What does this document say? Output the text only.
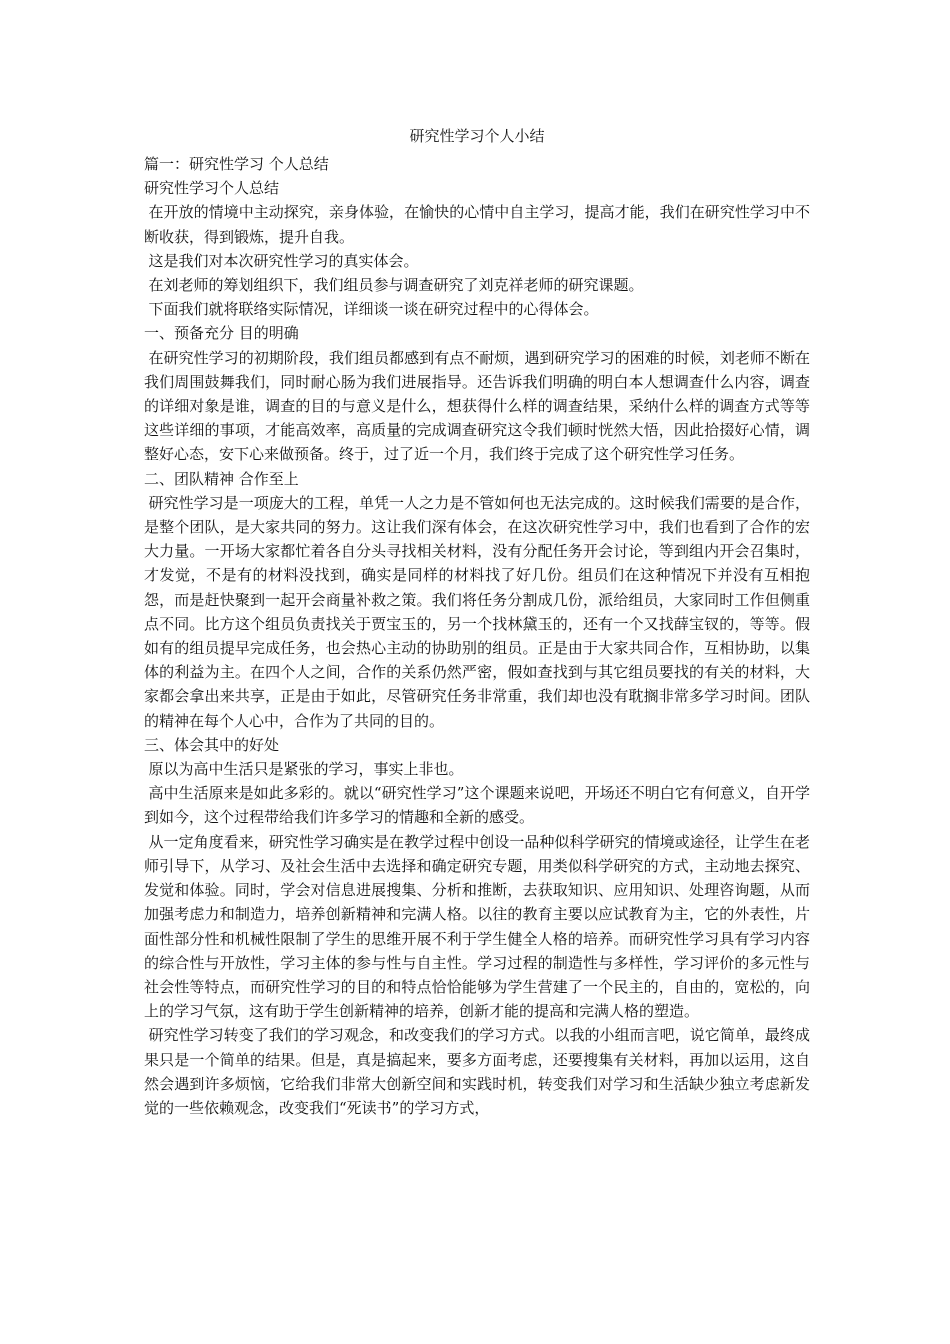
研究性学习个人小结

篇一：研究性学习 个人总结

研究性学习个人总结

在开放的情境中主动探究，亲身体验，在愉快的心情中自主学习，提高才能，我们在研究性学习中不断收获，得到锻炼，提升自我。

这是我们对本次研究性学习的真实体会。

在刘老师的筹划组织下，我们组员参与调查研究了刘克祥老师的研究课题。

下面我们就将联络实际情况，详细谈一谈在研究过程中的心得体会。

一、预备充分 目的明确

在研究性学习的初期阶段，我们组员都感到有点不耐烦，遇到研究学习的困难的时候，刘老师不断在我们周围鼓舞我们，同时耐心肠为我们进展指导。还告诉我们明确的明白本人想调查什么内容，调查的详细对象是谁，调查的目的与意义是什么，想获得什么样的调查结果，采纳什么样的调查方式等等这些详细的事项，才能高效率，高质量的完成调查研究这令我们顿时恍然大悟，因此拾掇好心情，调整好心态，安下心来做预备。终于，过了近一个月，我们终于完成了这个研究性学习任务。

二、团队精神 合作至上

研究性学习是一项庞大的工程，单凭一人之力是不管如何也无法完成的。这时候我们需要的是合作，是整个团队，是大家共同的努力。这让我们深有体会，在这次研究性学习中，我们也看到了合作的宏大力量。一开场大家都忙着各自分头寻找相关材料，没有分配任务开会讨论，等到组内开会召集时，才发觉，不是有的材料没找到，确实是同样的材料找了好几份。组员们在这种情况下并没有互相抱怨，而是赶快聚到一起开会商量补救之策。我们将任务分割成几份，派给组员，大家同时工作但侧重点不同。比方这个组员负责找关于贾宝玉的，另一个找林黛玉的，还有一个又找薛宝钗的，等等。假如有的组员提早完成任务，也会热心主动的协助别的组员。正是由于大家共同合作，互相协助，以集体的利益为主。在四个人之间，合作的关系仍然严密，假如查找到与其它组员要找的有关的材料，大家都会拿出来共享，正是由于如此，尽管研究任务非常重，我们却也没有耽搁非常多学习时间。团队的精神在每个人心中，合作为了共同的目的。

三、体会其中的好处

原以为高中生活只是紧张的学习，事实上非也。

高中生活原来是如此多彩的。就以“研究性学习”这个课题来说吧，开场还不明白它有何意义，自开学到如今，这个过程带给我们许多学习的情趣和全新的感受。

从一定角度看来，研究性学习确实是在教学过程中创设一品种似科学研究的情境或途径，让学生在老师引导下，从学习、及社会生活中去选择和确定研究专题，用类似科学研究的方式，主动地去探究、发觉和体验。同时，学会对信息进展搜集、分析和推断，去获取知识、应用知识、处理咨询题，从而加强考虑力和制造力，培养创新精神和完满人格。以往的教育主要以应试教育为主，它的外表性，片面性部分性和机械性限制了学生的思维开展不利于学生健全人格的培养。而研究性学习具有学习内容的综合性与开放性，学习主体的参与性与自主性。学习过程的制造性与多样性，学习评价的多元性与社会性等特点，而研究性学习的目的和特点恰恰能够为学生营建了一个民主的，自由的，宽松的，向上的学习气氛，这有助于学生创新精神的培养，创新才能的提高和完满人格的塑造。

研究性学习转变了我们的学习观念，和改变我们的学习方式。以我的小组而言吧，说它简单，最终成果只是一个简单的结果。但是，真是搞起来，要多方面考虑，还要搜集有关材料，再加以运用，这自然会遇到许多烦恼，它给我们非常大创新空间和实践时机，转变我们对学习和生活缺少独立考虑新发觉的一些依赖观念，改变我们“死读书”的学习方式，
